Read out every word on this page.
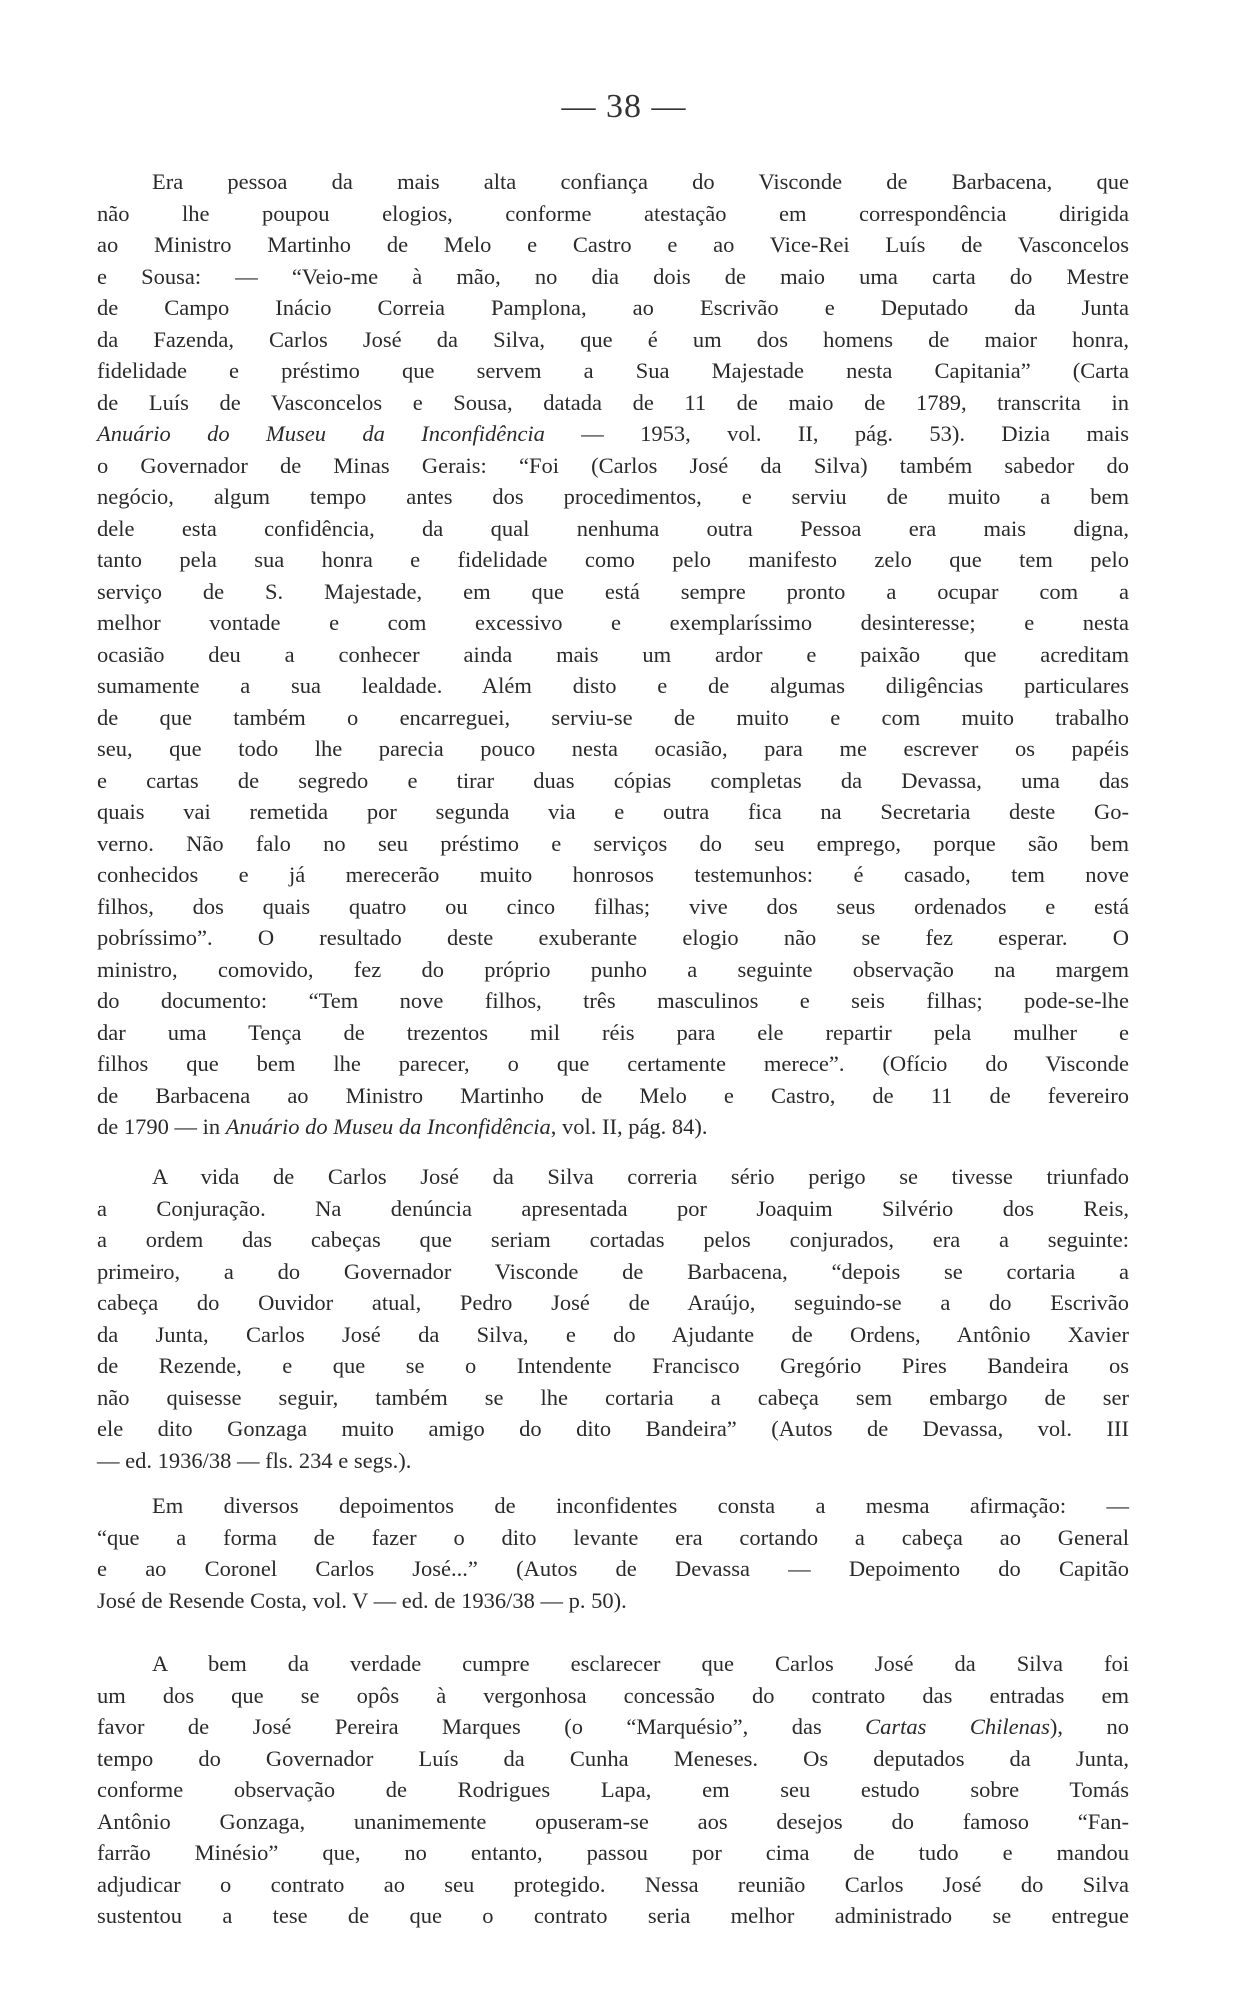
— 38 —
Era pessoa da mais alta confiança do Visconde de Barbacena, que
não lhe poupou elogios, conforme atestação em correspondência dirigida
ao Ministro Martinho de Melo e Castro e ao Vice-Rei Luís de Vasconcelos
e Sousa: — “Veio-me à mão, no dia dois de maio uma carta do Mestre
de Campo Inácio Correia Pamplona, ao Escrivão e Deputado da Junta
da Fazenda, Carlos José da Silva, que é um dos homens de maior honra,
fidelidade e préstimo que servem a Sua Majestade nesta Capitania” (Carta
de Luís de Vasconcelos e Sousa, datada de 11 de maio de 1789, transcrita in
Anuário do Museu da Inconfidência — 1953, vol. II, pág. 53). Dizia mais
o Governador de Minas Gerais: “Foi (Carlos José da Silva) também sabedor do
negócio, algum tempo antes dos procedimentos, e serviu de muito a bem
dele esta confidência, da qual nenhuma outra Pessoa era mais digna,
tanto pela sua honra e fidelidade como pelo manifesto zelo que tem pelo
serviço de S. Majestade, em que está sempre pronto a ocupar com a
melhor vontade e com excessivo e exemplaríssimo desinteresse; e nesta
ocasião deu a conhecer ainda mais um ardor e paixão que acreditam
sumamente a sua lealdade. Além disto e de algumas diligências particulares
de que também o encarreguei, serviu-se de muito e com muito trabalho
seu, que todo lhe parecia pouco nesta ocasião, para me escrever os papéis
e cartas de segredo e tirar duas cópias completas da Devassa, uma das
quais vai remetida por segunda via e outra fica na Secretaria deste Go-
verno. Não falo no seu préstimo e serviços do seu emprego, porque são bem
conhecidos e já merecerão muito honrosos testemunhos: é casado, tem nove
filhos, dos quais quatro ou cinco filhas; vive dos seus ordenados e está
pobríssimo”. O resultado deste exuberante elogio não se fez esperar. O
ministro, comovido, fez do próprio punho a seguinte observação na margem
do documento: “Tem nove filhos, três masculinos e seis filhas; pode-se-lhe
dar uma Tença de trezentos mil réis para ele repartir pela mulher e
filhos que bem lhe parecer, o que certamente merece”. (Ofício do Visconde
de Barbacena ao Ministro Martinho de Melo e Castro, de 11 de fevereiro
de 1790 — in Anuário do Museu da Inconfidência, vol. II, pág. 84).
A vida de Carlos José da Silva correria sério perigo se tivesse triunfado
a Conjuração. Na denúncia apresentada por Joaquim Silvério dos Reis,
a ordem das cabeças que seriam cortadas pelos conjurados, era a seguinte:
primeiro, a do Governador Visconde de Barbacena, “depois se cortaria a
cabeça do Ouvidor atual, Pedro José de Araújo, seguindo-se a do Escrivão
da Junta, Carlos José da Silva, e do Ajudante de Ordens, Antônio Xavier
de Rezende, e que se o Intendente Francisco Gregório Pires Bandeira os
não quisesse seguir, também se lhe cortaria a cabeça sem embargo de ser
ele dito Gonzaga muito amigo do dito Bandeira” (Autos de Devassa, vol. III
— ed. 1936/38 — fls. 234 e segs.).
Em diversos depoimentos de inconfidentes consta a mesma afirmação: —
“que a forma de fazer o dito levante era cortando a cabeça ao General
e ao Coronel Carlos José...” (Autos de Devassa — Depoimento do Capitão
José de Resende Costa, vol. V — ed. de 1936/38 — p. 50).
A bem da verdade cumpre esclarecer que Carlos José da Silva foi
um dos que se opôs à vergonhosa concessão do contrato das entradas em
favor de José Pereira Marques (o “Marquésio”, das Cartas Chilenas), no
tempo do Governador Luís da Cunha Meneses. Os deputados da Junta,
conforme observação de Rodrigues Lapa, em seu estudo sobre Tomás
Antônio Gonzaga, unanimemente opuseram-se aos desejos do famoso “Fan-
farrão Minésio” que, no entanto, passou por cima de tudo e mandou
adjudicar o contrato ao seu protegido. Nessa reunião Carlos José do Silva
sustentou a tese de que o contrato seria melhor administrado se entregue
